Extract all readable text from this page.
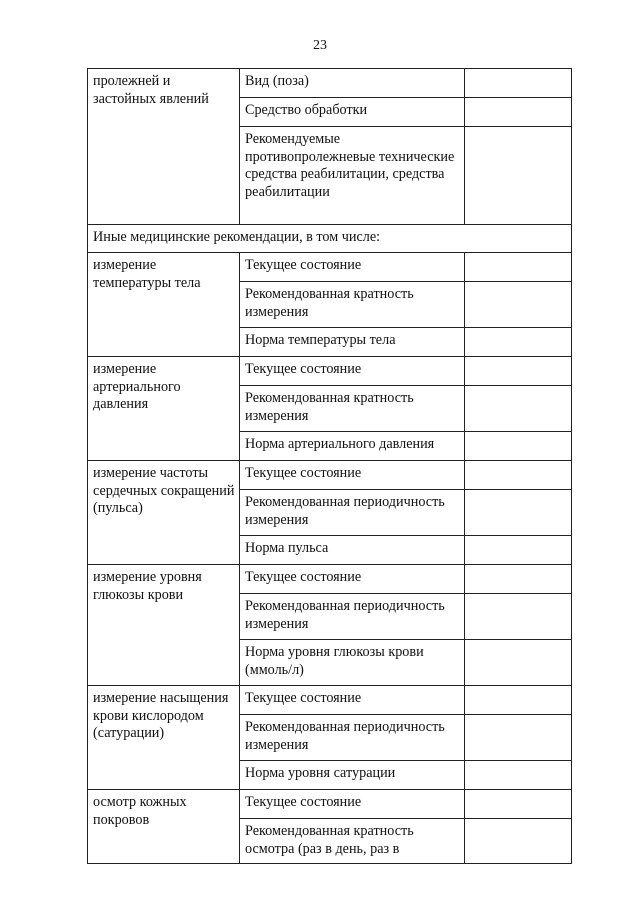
23
пролежней и застойных явлений	Вид (поза)	
	Средство обработки	
	Рекомендуемые противопролежневые технические средства реабилитации, средства реабилитации	
Иные медицинские рекомендации, в том числе:		
измерение температуры тела	Текущее состояние	
	Рекомендованная кратность измерения	
	Норма температуры тела	
измерение артериального давления	Текущее состояние	
	Рекомендованная кратность измерения	
	Норма артериального давления	
измерение частоты сердечных сокращений (пульса)	Текущее состояние	
	Рекомендованная периодичность измерения	
	Норма пульса	
измерение уровня глюкозы крови	Текущее состояние	
	Рекомендованная периодичность измерения	
	Норма уровня глюкозы крови (ммоль/л)	
измерение насыщения крови кислородом (сатурации)	Текущее состояние	
	Рекомендованная периодичность измерения	
	Норма уровня сатурации	
осмотр кожных покровов	Текущее состояние	
	Рекомендованная кратность осмотра (раз в день, раз в	
